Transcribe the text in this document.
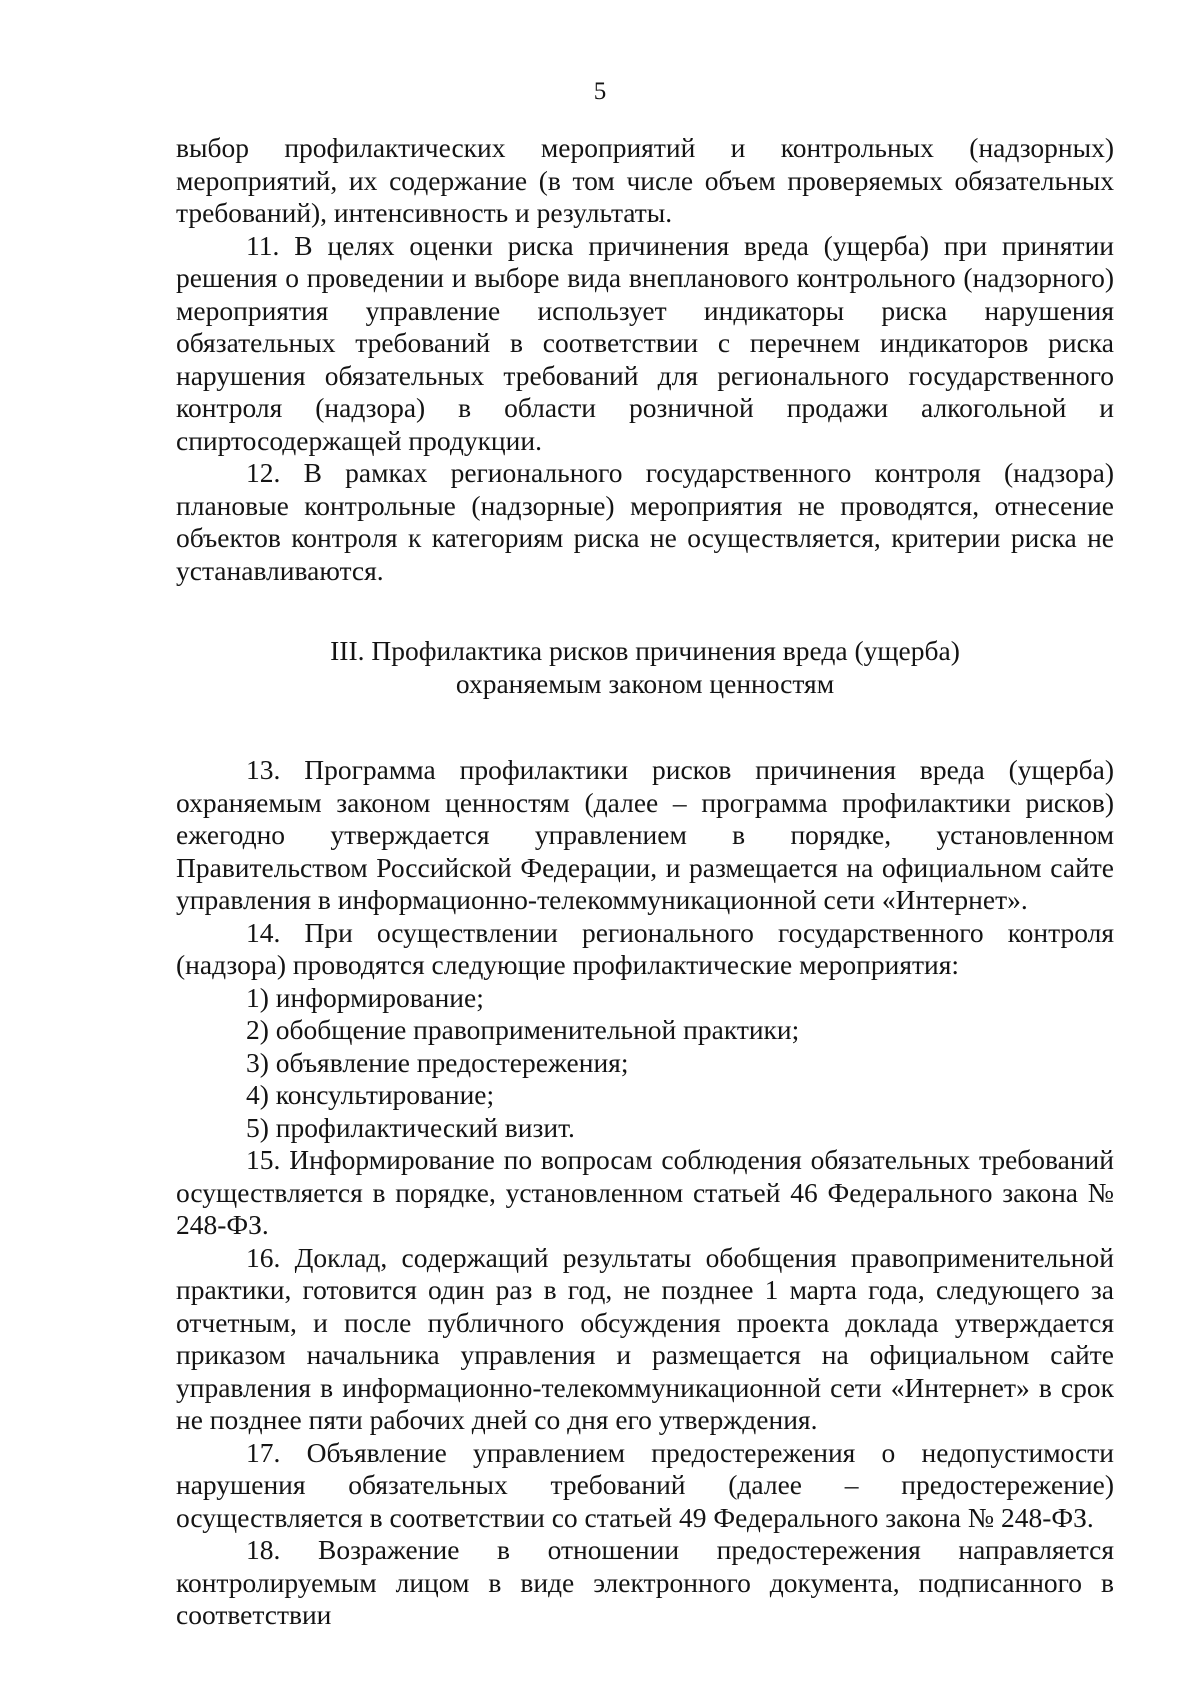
5

выбор профилактических мероприятий и контрольных (надзорных) мероприятий, их содержание (в том числе объем проверяемых обязательных требований), интенсивность и результаты.

11. В целях оценки риска причинения вреда (ущерба) при принятии решения о проведении и выборе вида внепланового контрольного (надзорного) мероприятия управление использует индикаторы риска нарушения обязательных требований в соответствии с перечнем индикаторов риска нарушения обязательных требований для регионального государственного контроля (надзора) в области розничной продажи алкогольной и спиртосодержащей продукции.

12. В рамках регионального государственного контроля (надзора) плановые контрольные (надзорные) мероприятия не проводятся, отнесение объектов контроля к категориям риска не осуществляется, критерии риска не устанавливаются.

III. Профилактика рисков причинения вреда (ущерба)
охраняемым законом ценностям

13. Программа профилактики рисков причинения вреда (ущерба) охраняемым законом ценностям (далее – программа профилактики рисков) ежегодно утверждается управлением в порядке, установленном Правительством Российской Федерации, и размещается на официальном сайте управления в информационно-телекоммуникационной сети «Интернет».

14. При осуществлении регионального государственного контроля (надзора) проводятся следующие профилактические мероприятия:

1) информирование;

2) обобщение правоприменительной практики;

3) объявление предостережения;

4) консультирование;

5) профилактический визит.

15. Информирование по вопросам соблюдения обязательных требований осуществляется в порядке, установленном статьей 46 Федерального закона № 248-ФЗ.

16. Доклад, содержащий результаты обобщения правоприменительной практики, готовится один раз в год, не позднее 1 марта года, следующего за отчетным, и после публичного обсуждения проекта доклада утверждается приказом начальника управления и размещается на официальном сайте управления в информационно-телекоммуникационной сети «Интернет» в срок не позднее пяти рабочих дней со дня его утверждения.

17. Объявление управлением предостережения о недопустимости нарушения обязательных требований (далее – предостережение) осуществляется в соответствии со статьей 49 Федерального закона № 248-ФЗ.

18. Возражение в отношении предостережения направляется контролируемым лицом в виде электронного документа, подписанного в соответствии
